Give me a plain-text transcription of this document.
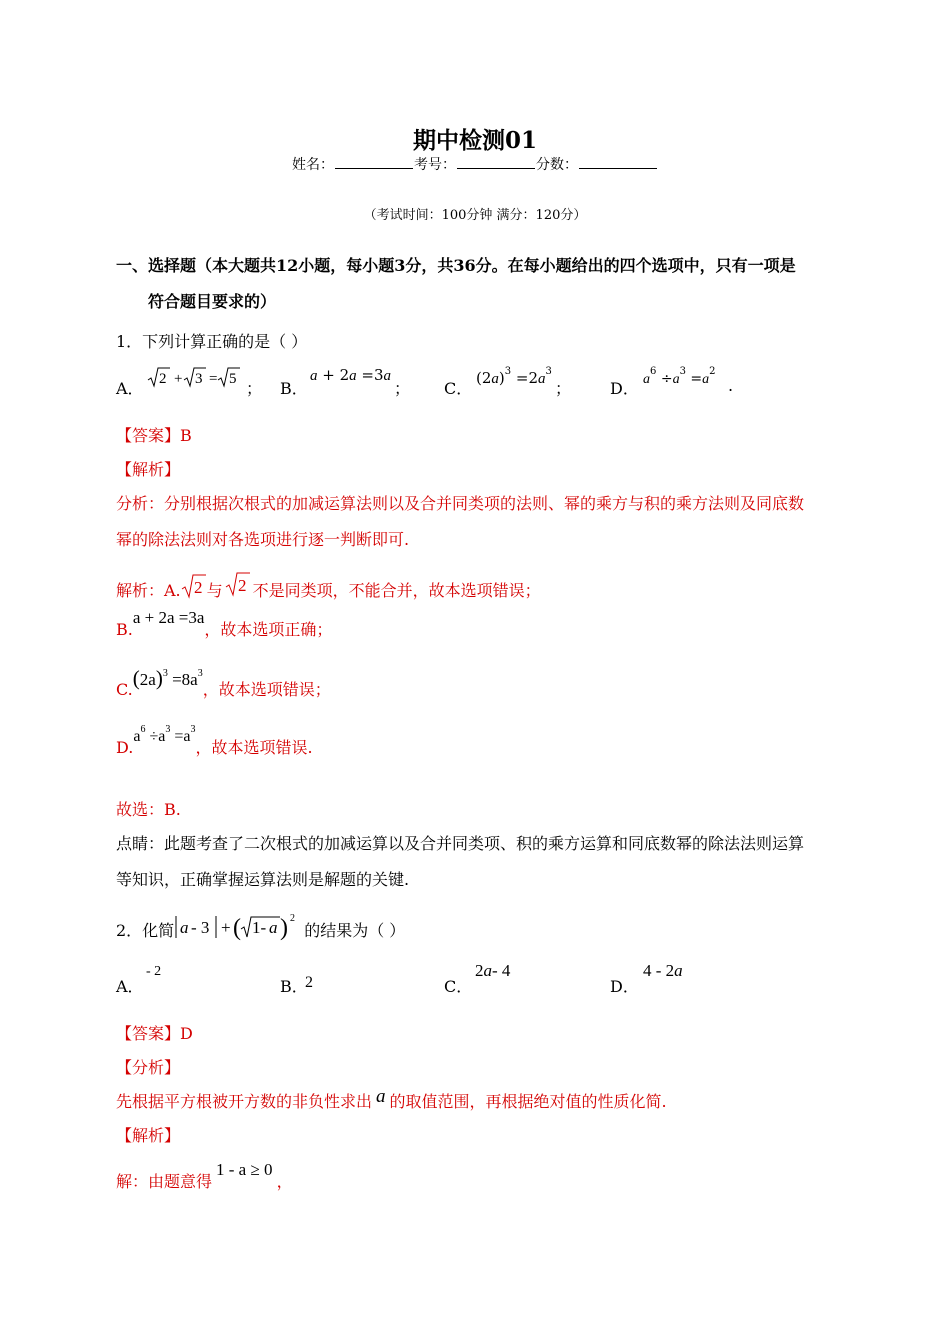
期中检测01
姓名：	考号：	分数：
（考试时间：100分钟 满分：120分）
一、选择题（本大题共12小题，每小题3分，共36分。在每小题给出的四个选项中，只有一项是
符合题目要求的）
1．下列计算正确的是（ ）
A． 2 + 3 = 5 ； B．
a + 2a =3a
； C．
$(2a)^3 =2a^3$
； D． $a^6 \div a^3 =a^2$
.
【答案】B
【解析】
分析：分别根据次根式的加减运算法则以及合并同类项的法则、幂的乘方与积的乘方法则及同底数
幂的除法法则对各选项进行逐一判断即可.
解析：A. 2 与 2 不是同类项，不能合并，故本选项错误；
B.a + 2a =3a，故本选项正确；
$C.(2a)^3 =8a^3$，故本选项错误；
$D.a^6 \div a^3 =a^3$，故本选项错误.
故选：B.
点睛：此题考查了二次根式的加减运算以及合并同类项、积的乘方运算和同底数幂的除法法则运算
等知识，正确掌握运算法则是解题的关键.
2．化简 a - 3 + ( 1- a ) 2
的结果为（ ）
A．
- 2
B．
2	C．
2a- 4
D．
4 - 2a
【答案】D
【分析】
先根据平方根被开方数的非负性求出 a 的取值范围，再根据绝对值的性质化简.
【解析】
解：由题意得1 - a ≥ 0，
